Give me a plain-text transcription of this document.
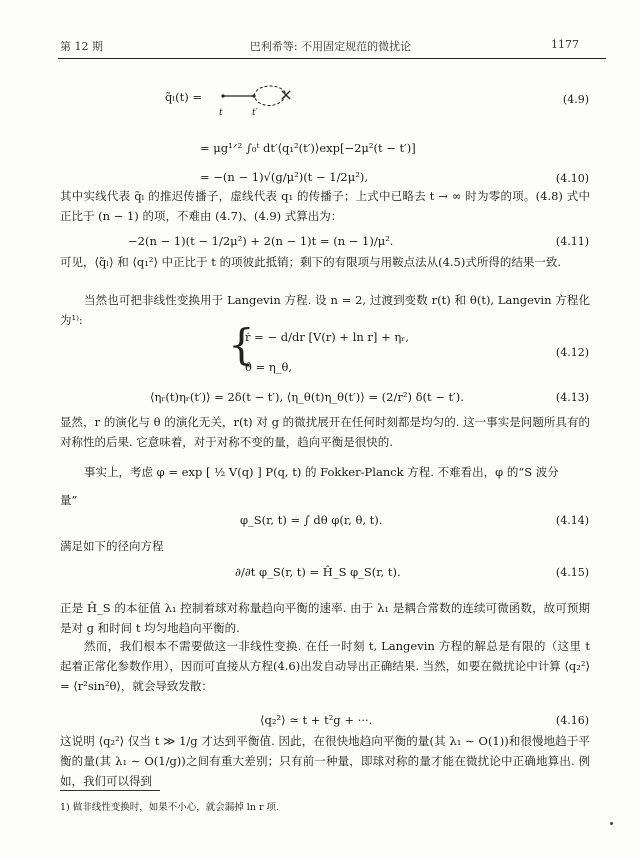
第 12 期	巴利希等: 不用固定规范的微扰论	1177
q̃ₗ(t) =
t	t′
(4.9)
= μg¹ᐟ² ∫₀ᵗ dt′⟨q₁²(t′)⟩exp[−2μ²(t − t′)]
= −(n − 1)√(g/μ²)(t − 1/2μ²),	(4.10)
其中实线代表 q̃ₗ 的推迟传播子，虚线代表 q₁ 的传播子；上式中已略去 t → ∞ 时为零的项。(4.8) 式中正比于 (n − 1) 的项，不难由 (4.7)、(4.9) 式算出为：
−2(n − 1)(t − 1/2μ²) + 2(n − 1)t = (n − 1)/μ².	(4.11)
可见，⟨q̃ₗ⟩ 和 ⟨q₁²⟩ 中正比于 t 的项彼此抵销；剩下的有限项与用鞍点法从(4.5)式所得的结果一致.
当然也可把非线性变换用于 Langevin 方程. 设 n = 2, 过渡到变数 r(t) 和 θ(t), Langevin 方程化为¹⁾:	{
ṙ = − d/dr [V(r) + ln r] + ηᵣ,
θ̇ = η_θ,
(4.12)
⟨ηᵣ(t)ηᵣ(t′)⟩ = 2δ(t − t′), ⟨η_θ(t)η_θ(t′)⟩ = (2/r²) δ(t − t′).	(4.13)
显然，r 的演化与 θ 的演化无关，r(t) 对 g 的微扰展开在任何时刻都是均匀的. 这一事实是问题所具有的对称性的后果. 它意味着，对于对称不变的量，趋向平衡是很快的.
事实上，考虑 φ = exp [ ½ V(q) ] P(q, t) 的 Fokker-Planck 方程. 不难看出，φ 的“S 波分
量”
φ_S(r, t) = ∫ dθ φ(r, θ, t).	(4.14)
满足如下的径向方程
∂/∂t φ_S(r, t) = Ĥ_S φ_S(r, t).	(4.15)
正是 Ĥ_S 的本征值 λ₁ 控制着球对称量趋向平衡的速率. 由于 λ₁ 是耦合常数的连续可微函数，故可预期是对 g 和时间 t 均匀地趋向平衡的.
然而，我们根本不需要做这一非线性变换. 在任一时刻 t, Langevin 方程的解总是有限的（这里 t 起着正常化参数作用），因而可直接从方程(4.6)出发自动导出正确结果. 当然，如要在微扰论中计算 ⟨q₂²⟩ = ⟨r²sin²θ⟩，就会导致发散：
⟨q₂²⟩ ≃ t + t²g + ···.	(4.16)
这说明 ⟨q₂²⟩ 仅当 t ≫ 1/g 才达到平衡值. 因此，在很快地趋向平衡的量(其 λ₁ ∼ O(1))和很慢地趋于平衡的量(其 λ₁ ∼ O(1/g))之间有重大差别；只有前一种量，即球对称的量才能在微扰论中正确地算出. 例如，我们可以得到
1) 做非线性变换时，如果不小心，就会漏掉 ln r 项.
